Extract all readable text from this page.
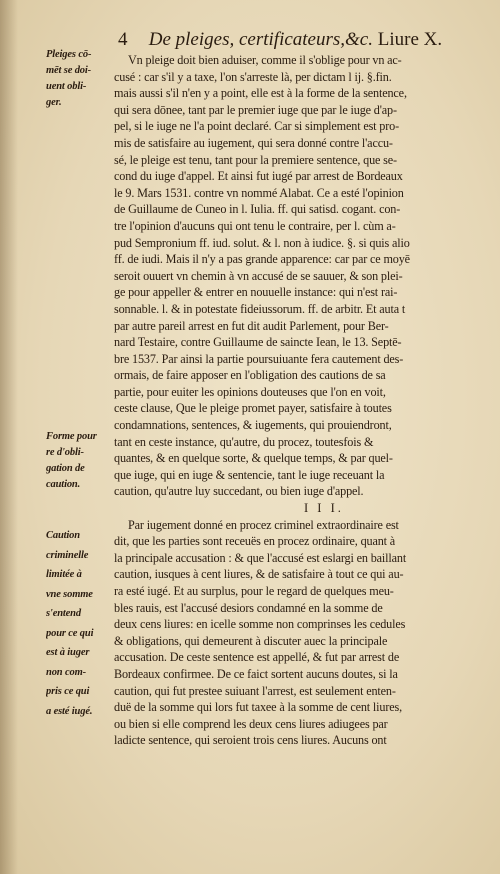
4 De pleiges, certificateurs,&c. Liure X.
Pleiges cō-
mēt se doi-
uent obli-
ger.
Forme pour
re d'obli-
gation de
caution.
Caution
criminelle
limitée à
vne somme
s'entend
pour ce qui
est à iuger
non com-
pris ce qui
a esté iugé.
Vn pleige doit bien aduiser, comme il s'oblige pour vn ac-
cusé : car s'il y a taxe, l'on s'arreste là, per dictam l ij. §.fin.
mais aussi s'il n'en y a point, elle est à la forme de la sentence,
qui sera dōnee, tant par le premier iuge que par le iuge d'ap-
pel, si le iuge ne l'a point declaré. Car si simplement est pro-
mis de satisfaire au iugement, qui sera donné contre l'accu-
sé, le pleige est tenu, tant pour la premiere sentence, que se-
cond du iuge d'appel. Et ainsi fut iugé par arrest de Bordeaux
le 9. Mars 1531. contre vn nommé Alabat. Ce a esté l'opinion
de Guillaume de Cuneo in l. Iulia. ff. qui satisd. cogant. con-
tre l'opinion d'aucuns qui ont tenu le contraire, per l. cùm a-
pud Sempronium ff. iud. solut. & l. non à iudice. §. si quis alio
ff. de iudi. Mais il n'y a pas grande apparence: car par ce moyē
seroit ouuert vn chemin à vn accusé de se sauuer, & son plei-
ge pour appeller & entrer en nouuelle instance: qui n'est rai-
sonnable. l. & in potestate fideiussorum. ff. de arbitr. Et auta t
par autre pareil arrest en fut dit audit Parlement, pour Ber-
nard Testaire, contre Guillaume de saincte Iean, le 13. Septē-
bre 1537. Par ainsi la partie poursuiuante fera cautement des-
ormais, de faire apposer en l'obligation des cautions de sa
partie, pour euiter les opinions douteuses que l'on en voit,
ceste clause, Que le pleige promet payer, satisfaire à toutes
condamnations, sentences, & iugements, qui prouiendront,
tant en ceste instance, qu'autre, du procez, toutesfois &
quantes, & en quelque sorte, & quelque temps, & par quel-
que iuge, qui en iuge & sentencie, tant le iuge receuant la
caution, qu'autre luy succedant, ou bien iuge d'appel.
I I I.
Par iugement donné en procez criminel extraordinaire est
dit, que les parties sont receuës en procez ordinaire, quant à
la principale accusation : & que l'accusé est eslargi en baillant
caution, iusques à cent liures, & de satisfaire à tout ce qui au-
ra esté iugé. Et au surplus, pour le regard de quelques meu-
bles rauis, est l'accusé desiors condamné en la somme de
deux cens liures: en icelle somme non comprinses les cedules
& obligations, qui demeurent à discuter auec la principale
accusation. De ceste sentence est appellé, & fut par arrest de
Bordeaux confirmee. De ce faict sortent aucuns doutes, si la
caution, qui fut prestee suiuant l'arrest, est seulement enten-
duë de la somme qui lors fut taxee à la somme de cent liures,
ou bien si elle comprend les deux cens liures adiugees par
ladicte sentence, qui seroient trois cens liures. Aucuns ont
